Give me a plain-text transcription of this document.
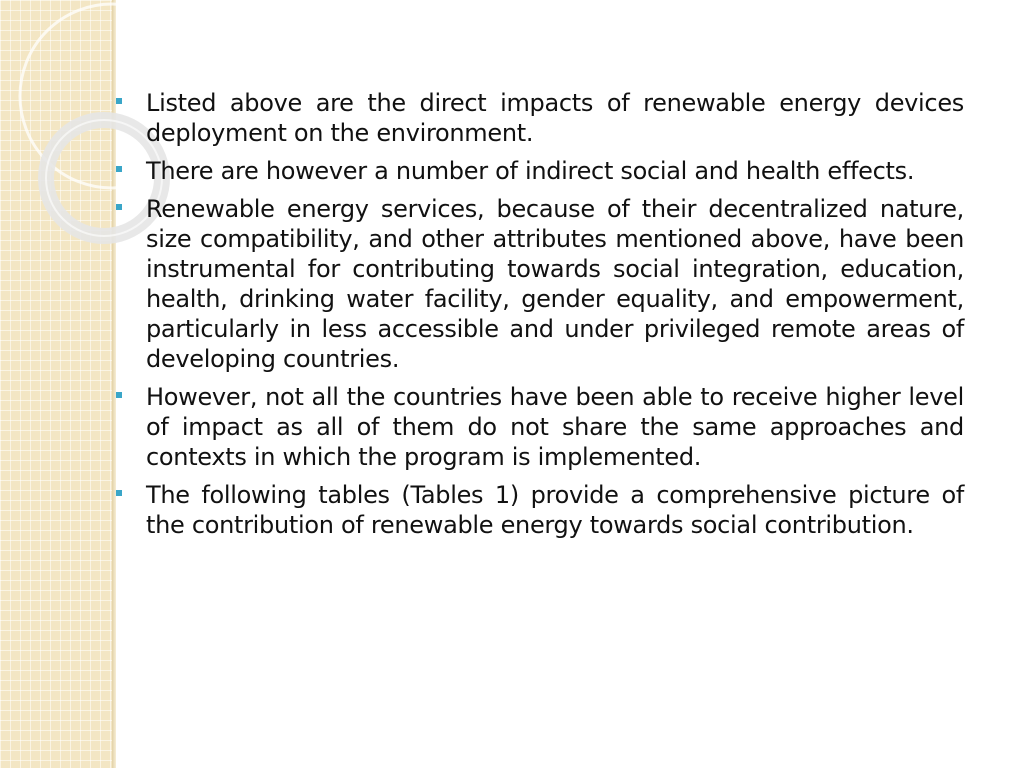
Listed above are the direct impacts of renewable energy devices deployment on the environment.
There are however a number of indirect social and health effects.
Renewable energy services, because of their decentralized nature, size compatibility, and other attributes mentioned above, have been instrumental for contributing towards social integration, education, health, drinking water facility, gender equality, and empowerment, particularly in less accessible and under privileged remote areas of developing countries.
However, not all the countries have been able to receive higher level of impact as all of them do not share the same approaches and contexts in which the program is implemented.
The following tables (Tables 1) provide a comprehensive picture of the contribution of renewable energy towards social contribution.
